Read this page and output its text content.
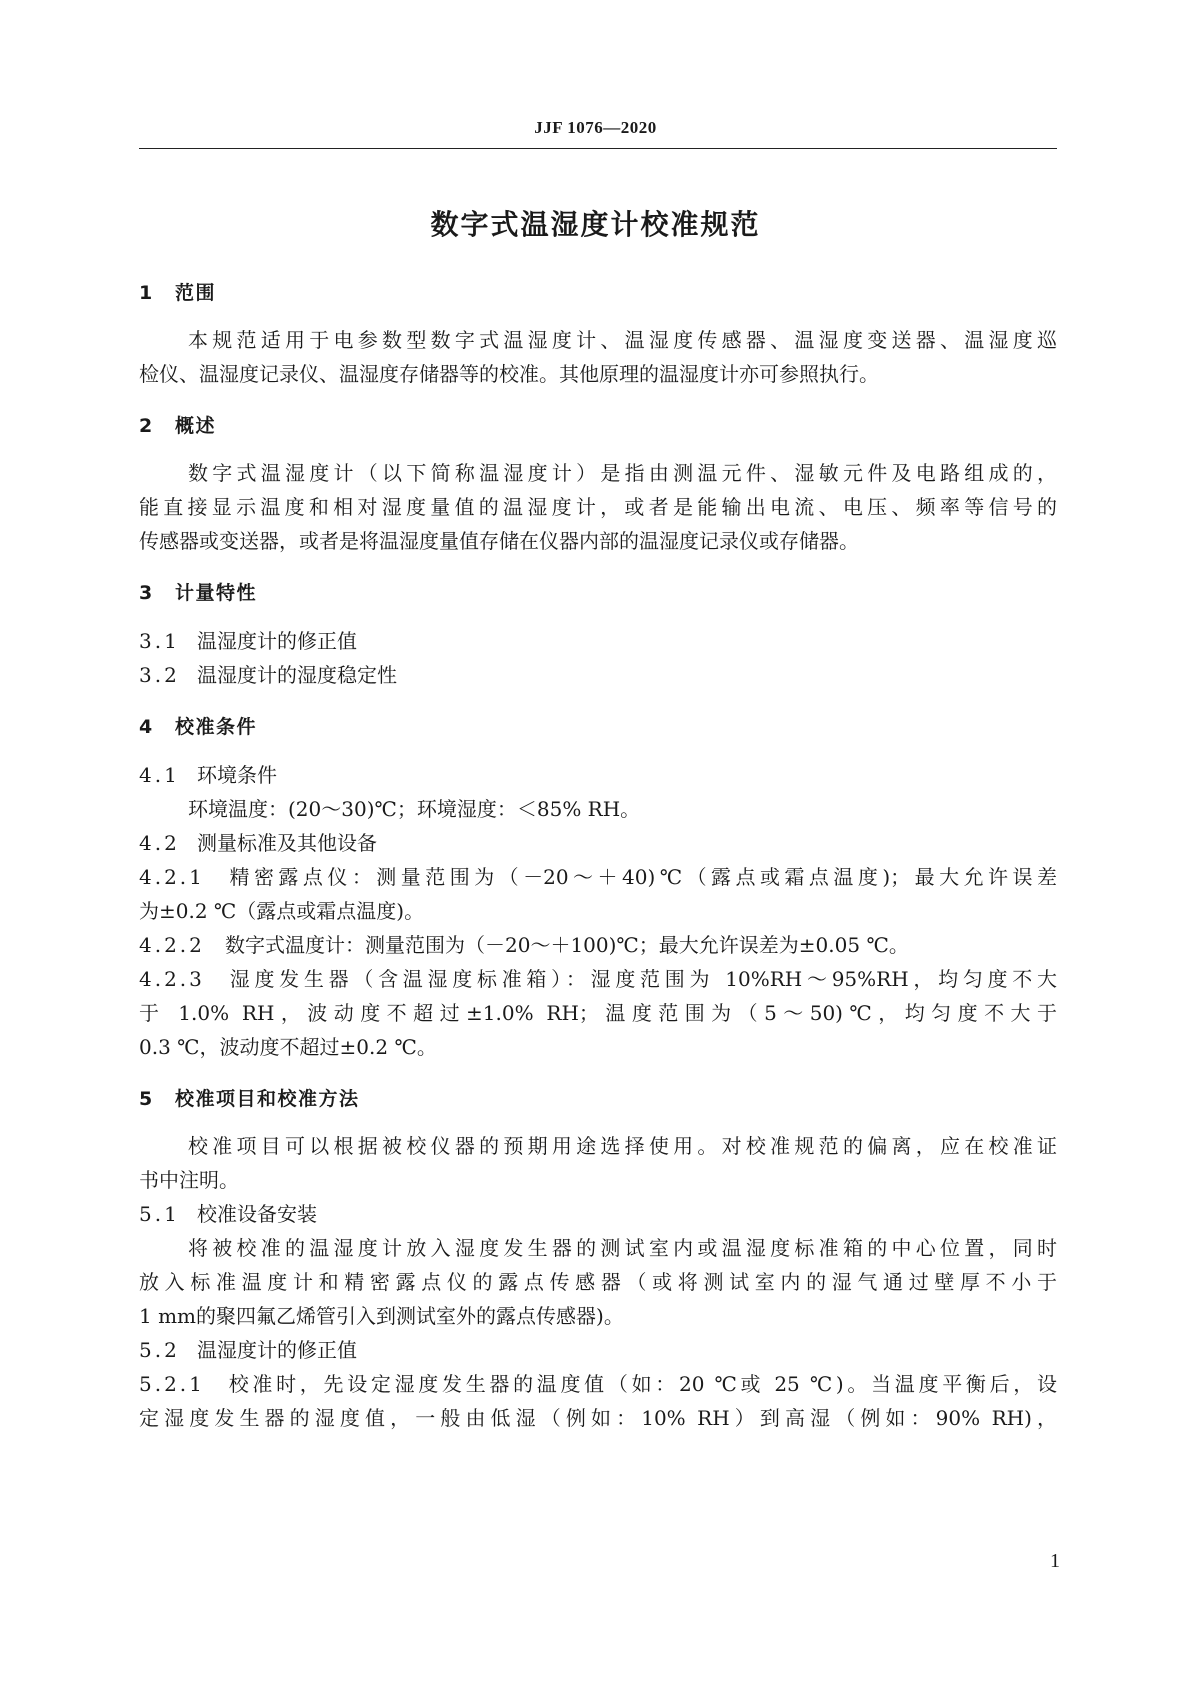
JJF 1076—2020
数字式温湿度计校准规范
1 范围
本规范适用于电参数型数字式温湿度计、温湿度传感器、温湿度变送器、温湿度巡
检仪、温湿度记录仪、温湿度存储器等的校准。其他原理的温湿度计亦可参照执行。
2 概述
数字式温湿度计（以下简称温湿度计）是指由测温元件、湿敏元件及电路组成的，
能直接显示温度和相对湿度量值的温湿度计，或者是能输出电流、电压、频率等信号的
传感器或变送器，或者是将温湿度量值存储在仪器内部的温湿度记录仪或存储器。
3 计量特性
3.1 温湿度计的修正值
3.2 温湿度计的湿度稳定性
4 校准条件
4.1 环境条件
环境温度：(20～30)℃；环境湿度：＜85% RH。
4.2 测量标准及其他设备
4.2.1 精密露点仪：测量范围为（－20～＋40)℃（露点或霜点温度)；最大允许误差
为±0.2 ℃（露点或霜点温度)。
4.2.2 数字式温度计：测量范围为（－20～＋100)℃；最大允许误差为±0.05 ℃。
4.2.3 湿度发生器（含温湿度标准箱）：湿度范围为 10%RH～95%RH，均匀度不大
于 1.0% RH，波动度不超过±1.0% RH；温度范围为（5～50)℃，均匀度不大于
0.3 ℃，波动度不超过±0.2 ℃。
5 校准项目和校准方法
校准项目可以根据被校仪器的预期用途选择使用。对校准规范的偏离，应在校准证
书中注明。
5.1 校准设备安装
将被校准的温湿度计放入湿度发生器的测试室内或温湿度标准箱的中心位置，同时
放入标准温度计和精密露点仪的露点传感器（或将测试室内的湿气通过壁厚不小于
1 mm的聚四氟乙烯管引入到测试室外的露点传感器)。
5.2 温湿度计的修正值
5.2.1 校准时，先设定湿度发生器的温度值（如：20 ℃或 25 ℃)。当温度平衡后，设
定湿度发生器的湿度值，一般由低湿（例如：10% RH）到高湿（例如：90% RH)，
1
